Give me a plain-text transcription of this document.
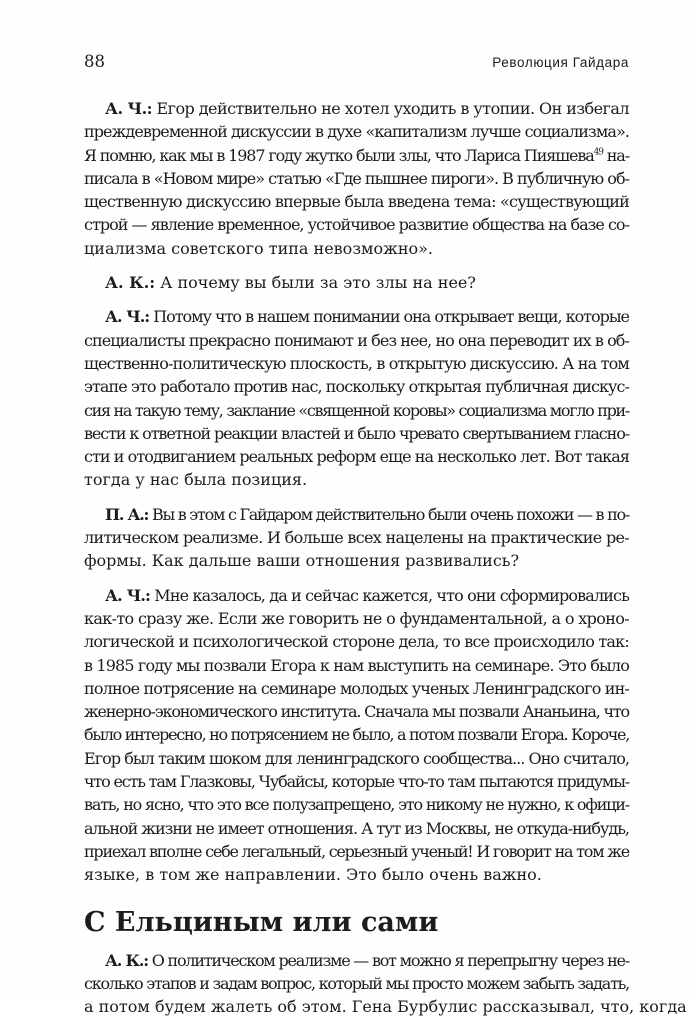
88	Революция Гайдара

А. Ч.: Егор действительно не хотел уходить в утопии. Он избегал
преждевременной дискуссии в духе «капитализм лучше социализма».
Я помню, как мы в 1987 году жутко были злы, что Лариса Пияшева$^{49}$ на-
писала в «Новом мире» статью «Где пышнее пироги». В публичную об-
щественную дискуссию впервые была введена тема: «существующий
строй — явление временное, устойчивое развитие общества на базе со-
циализма советского типа невозможно».

А. К.: А почему вы были за это злы на нее?

А. Ч.: Потому что в нашем понимании она открывает вещи, которые
специалисты прекрасно понимают и без нее, но она переводит их в об-
щественно-политическую плоскость, в открытую дискуссию. А на том
этапе это работало против нас, поскольку открытая публичная дискус-
сия на такую тему, заклание «священной коровы» социализма могло при-
вести к ответной реакции властей и было чревато свертыванием гласно-
сти и отодвиганием реальных реформ еще на несколько лет. Вот такая
тогда у нас была позиция.

П. А.: Вы в этом с Гайдаром действительно были очень похожи — в по-
литическом реализме. И больше всех нацелены на практические ре-
формы. Как дальше ваши отношения развивались?

А. Ч.: Мне казалось, да и сейчас кажется, что они сформировались
как-то сразу же. Если же говорить не о фундаментальной, а о хроно-
логической и психологической стороне дела, то все происходило так:
в 1985 году мы позвали Егора к нам выступить на семинаре. Это было
полное потрясение на семинаре молодых ученых Ленинградского ин-
женерно-экономического института. Сначала мы позвали Ананьина, что
было интересно, но потрясением не было, а потом позвали Егора. Короче,
Егор был таким шоком для ленинградского сообщества... Оно считало,
что есть там Глазковы, Чубайсы, которые что-то там пытаются придумы-
вать, но ясно, что это все полузапрещено, это никому не нужно, к офици-
альной жизни не имеет отношения. А тут из Москвы, не откуда-нибудь,
приехал вполне себе легальный, серьезный ученый! И говорит на том же
языке, в том же направлении. Это было очень важно.

С Ельциным или сами

А. К.: О политическом реализме — вот можно я перепрыгну через не-
сколько этапов и задам вопрос, который мы просто можем забыть задать,
а потом будем жалеть об этом. Гена Бурбулис рассказывал, что, когда
